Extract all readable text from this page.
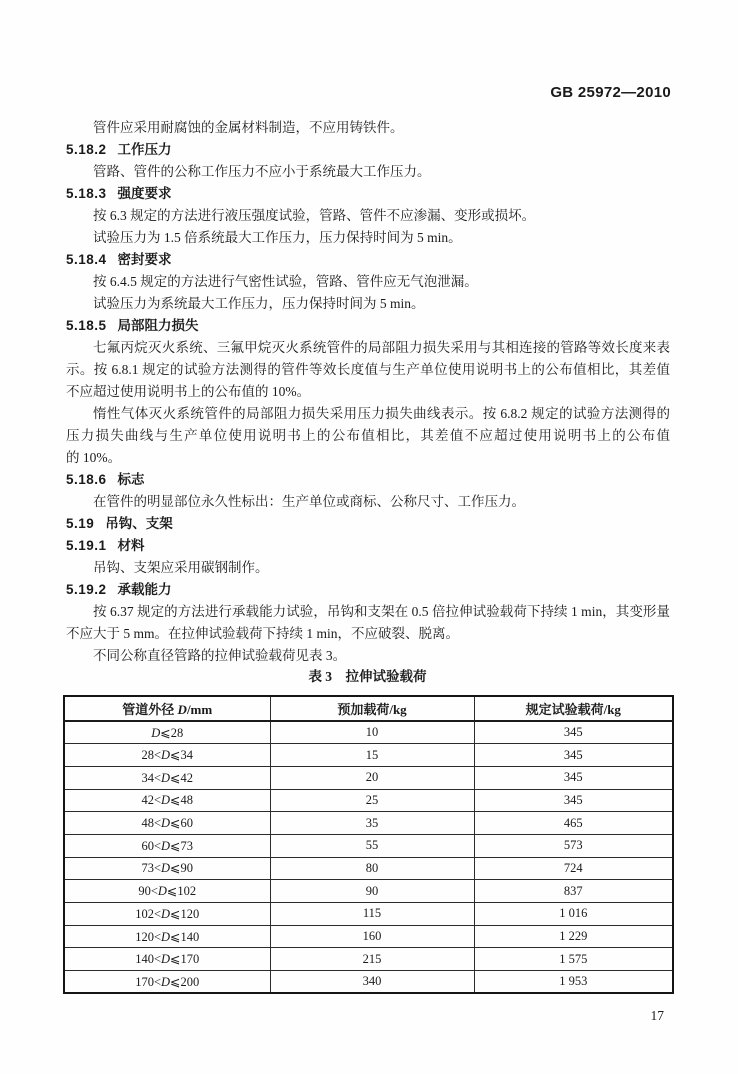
GB 25972—2010
管件应采用耐腐蚀的金属材料制造，不应用铸铁件。
5.18.2 工作压力
管路、管件的公称工作压力不应小于系统最大工作压力。
5.18.3 强度要求
按 6.3 规定的方法进行液压强度试验，管路、管件不应渗漏、变形或损坏。
试验压力为 1.5 倍系统最大工作压力，压力保持时间为 5 min。
5.18.4 密封要求
按 6.4.5 规定的方法进行气密性试验，管路、管件应无气泡泄漏。
试验压力为系统最大工作压力，压力保持时间为 5 min。
5.18.5 局部阻力损失
七氟丙烷灭火系统、三氟甲烷灭火系统管件的局部阻力损失采用与其相连接的管路等效长度来表
示。按 6.8.1 规定的试验方法测得的管件等效长度值与生产单位使用说明书上的公布值相比，其差值
不应超过使用说明书上的公布值的 10%。
惰性气体灭火系统管件的局部阻力损失采用压力损失曲线表示。按 6.8.2 规定的试验方法测得的
压力损失曲线与生产单位使用说明书上的公布值相比，其差值不应超过使用说明书上的公布值
的 10%。
5.18.6 标志
在管件的明显部位永久性标出：生产单位或商标、公称尺寸、工作压力。
5.19 吊钩、支架
5.19.1 材料
吊钩、支架应采用碳钢制作。
5.19.2 承载能力
按 6.37 规定的方法进行承载能力试验，吊钩和支架在 0.5 倍拉伸试验载荷下持续 1 min，其变形量
不应大于 5 mm。在拉伸试验载荷下持续 1 min，不应破裂、脱离。
不同公称直径管路的拉伸试验载荷见表 3。
表 3　拉伸试验载荷
管道外径 D/mm	预加载荷/kg	规定试验载荷/kg
D⩽28	10	345
28<D⩽34	15	345
34<D⩽42	20	345
42<D⩽48	25	345
48<D⩽60	35	465
60<D⩽73	55	573
73<D⩽90	80	724
90<D⩽102	90	837
102<D⩽120	115	1 016
120<D⩽140	160	1 229
140<D⩽170	215	1 575
170<D⩽200	340	1 953
17
